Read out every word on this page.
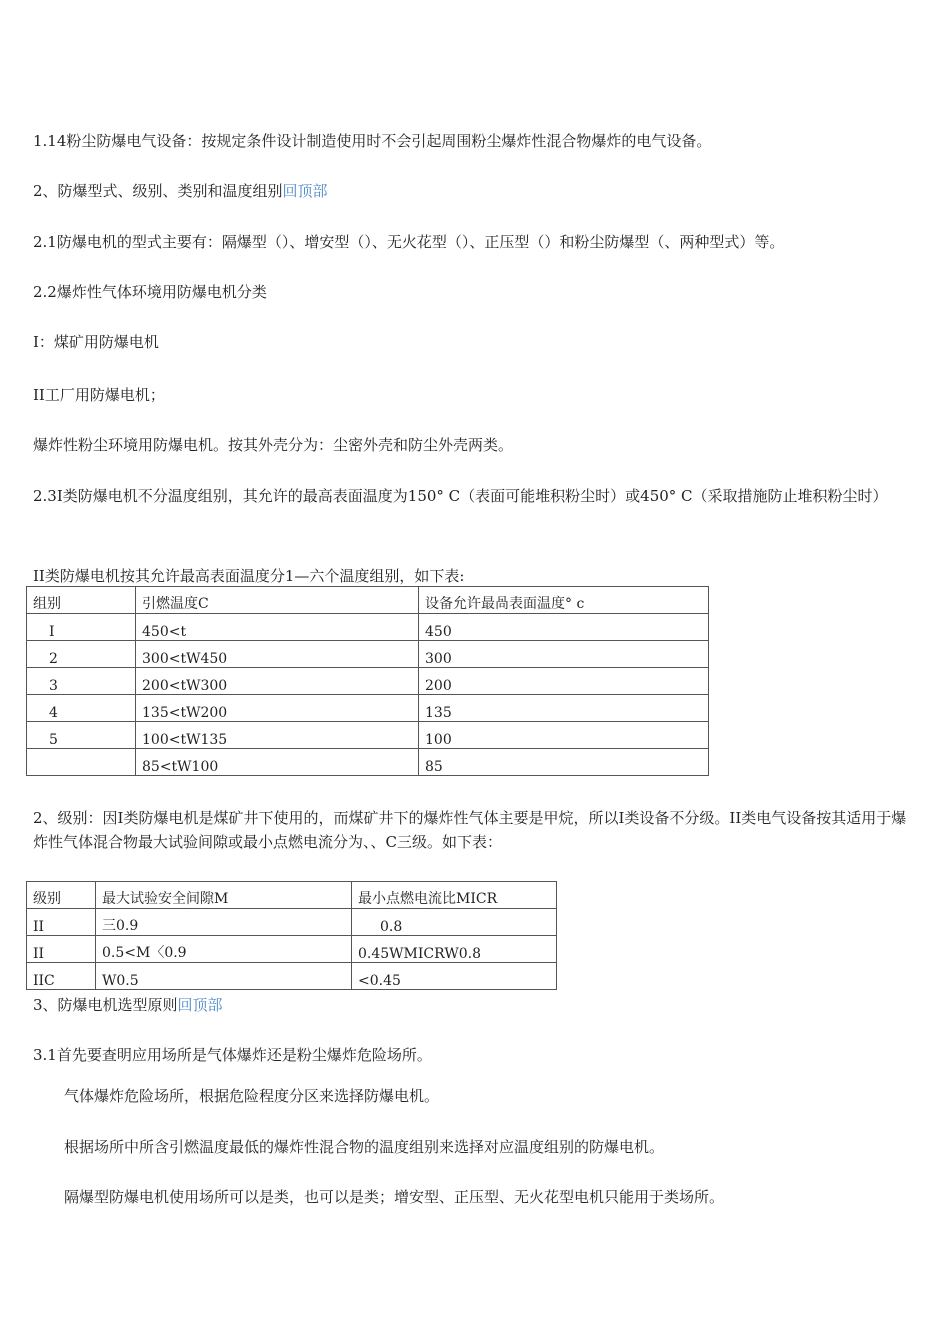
1.14粉尘防爆电气设备：按规定条件设计制造使用时不会引起周围粉尘爆炸性混合物爆炸的电气设备。
2、防爆型式、级别、类别和温度组别回顶部
2.1防爆电机的型式主要有：隔爆型（）、增安型（）、无火花型（）、正压型（）和粉尘防爆型（、两种型式）等。
2.2爆炸性气体环境用防爆电机分类
I：煤矿用防爆电机
II工厂用防爆电机；
爆炸性粉尘环境用防爆电机。按其外壳分为：尘密外壳和防尘外壳两类。
2.3I类防爆电机不分温度组别，其允许的最高表面温度为150° C（表面可能堆积粉尘时）或450° C（采取措施防止堆积粉尘时）
II类防爆电机按其允许最高表面温度分1—六个温度组别，如下表:
组别	引燃温度C	设备允许最咼表面温度° c
I	450<t	450
2	300<tW450	300
3	200<tW300	200
4	135<tW200	135
5	100<tW135	100
	85<tW100	85
2、级别：因I类防爆电机是煤矿井下使用的，而煤矿井下的爆炸性气体主要是甲烷，所以I类设备不分级。II类电气设备按其适用于爆炸性气体混合物最大试验间隙或最小点燃电流分为、、C三级。如下表：
级别	最大试验安全间隙M	最小点燃电流比MICR
II	三0.9	0.8
II	0.5<M〈0.9	0.45WMICRW0.8
IIC	W0.5	<0.45
3、防爆电机选型原则回顶部
3.1首先要查明应用场所是气体爆炸还是粉尘爆炸危险场所。
气体爆炸危险场所，根据危险程度分区来选择防爆电机。
根据场所中所含引燃温度最低的爆炸性混合物的温度组别来选择对应温度组别的防爆电机。
隔爆型防爆电机使用场所可以是类，也可以是类；增安型、正压型、无火花型电机只能用于类场所。
